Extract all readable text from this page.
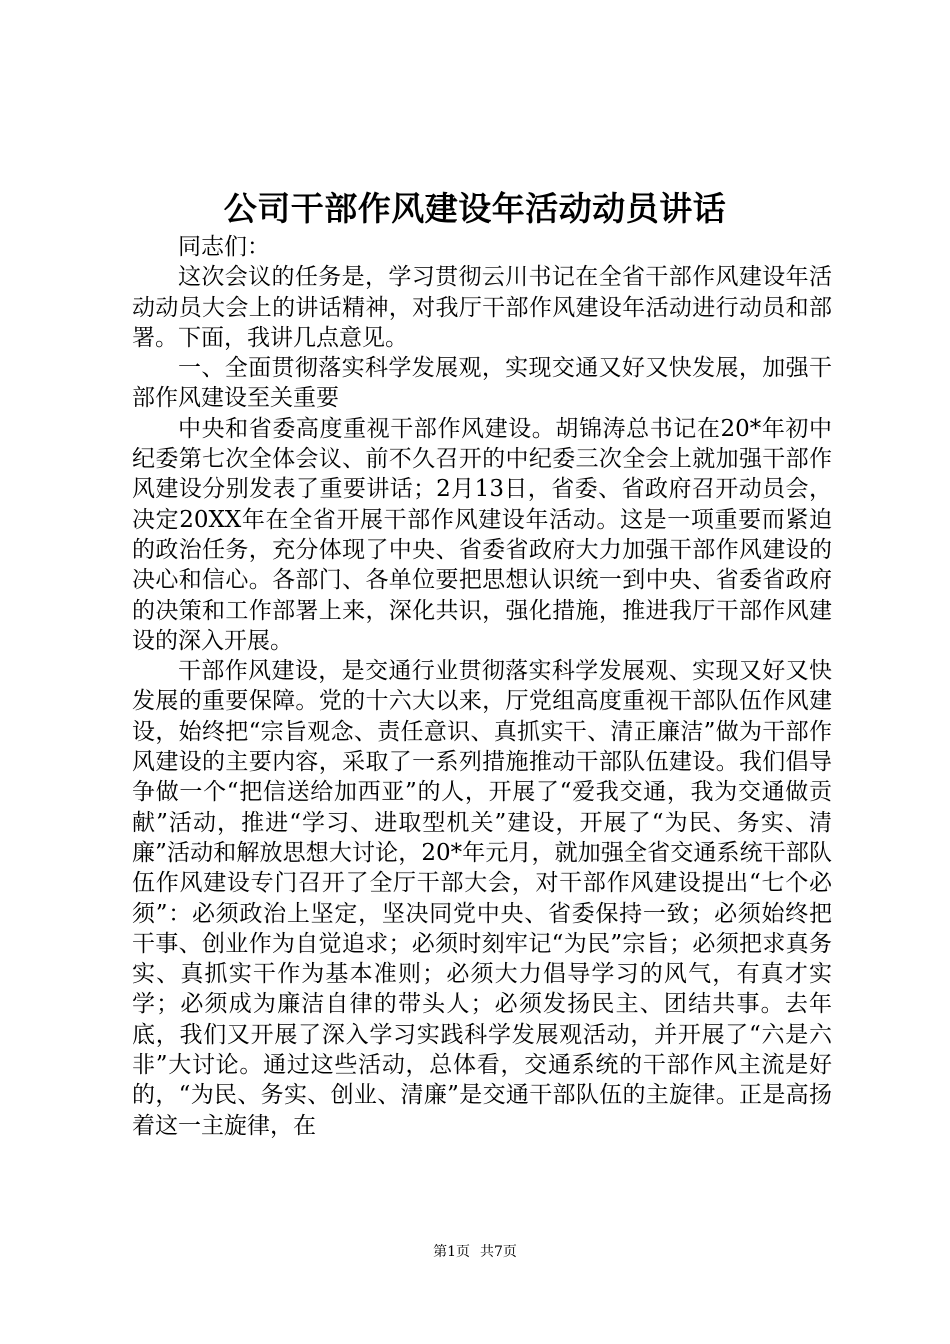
公司干部作风建设年活动动员讲话

同志们：

这次会议的任务是，学习贯彻云川书记在全省干部作风建设年活动动员大会上的讲话精神，对我厅干部作风建设年活动进行动员和部署。下面，我讲几点意见。

一、全面贯彻落实科学发展观，实现交通又好又快发展，加强干部作风建设至关重要

中央和省委高度重视干部作风建设。胡锦涛总书记在20*年初中纪委第七次全体会议、前不久召开的中纪委三次全会上就加强干部作风建设分别发表了重要讲话；2月13日，省委、省政府召开动员会，决定20XX年在全省开展干部作风建设年活动。这是一项重要而紧迫的政治任务，充分体现了中央、省委省政府大力加强干部作风建设的决心和信心。各部门、各单位要把思想认识统一到中央、省委省政府的决策和工作部署上来，深化共识，强化措施，推进我厅干部作风建设的深入开展。

干部作风建设，是交通行业贯彻落实科学发展观、实现又好又快发展的重要保障。党的十六大以来，厅党组高度重视干部队伍作风建设，始终把“宗旨观念、责任意识、真抓实干、清正廉洁”做为干部作风建设的主要内容，采取了一系列措施推动干部队伍建设。我们倡导争做一个“把信送给加西亚”的人，开展了“爱我交通，我为交通做贡献”活动，推进“学习、进取型机关”建设，开展了“为民、务实、清廉”活动和解放思想大讨论，20*年元月，就加强全省交通系统干部队伍作风建设专门召开了全厅干部大会，对干部作风建设提出“七个必须”：必须政治上坚定，坚决同党中央、省委保持一致；必须始终把干事、创业作为自觉追求；必须时刻牢记“为民”宗旨；必须把求真务实、真抓实干作为基本准则；必须大力倡导学习的风气，有真才实学；必须成为廉洁自律的带头人；必须发扬民主、团结共事。去年底，我们又开展了深入学习实践科学发展观活动，并开展了“六是六非”大讨论。通过这些活动，总体看，交通系统的干部作风主流是好的，“为民、务实、创业、清廉”是交通干部队伍的主旋律。正是高扬着这一主旋律，在

第1页 共7页
